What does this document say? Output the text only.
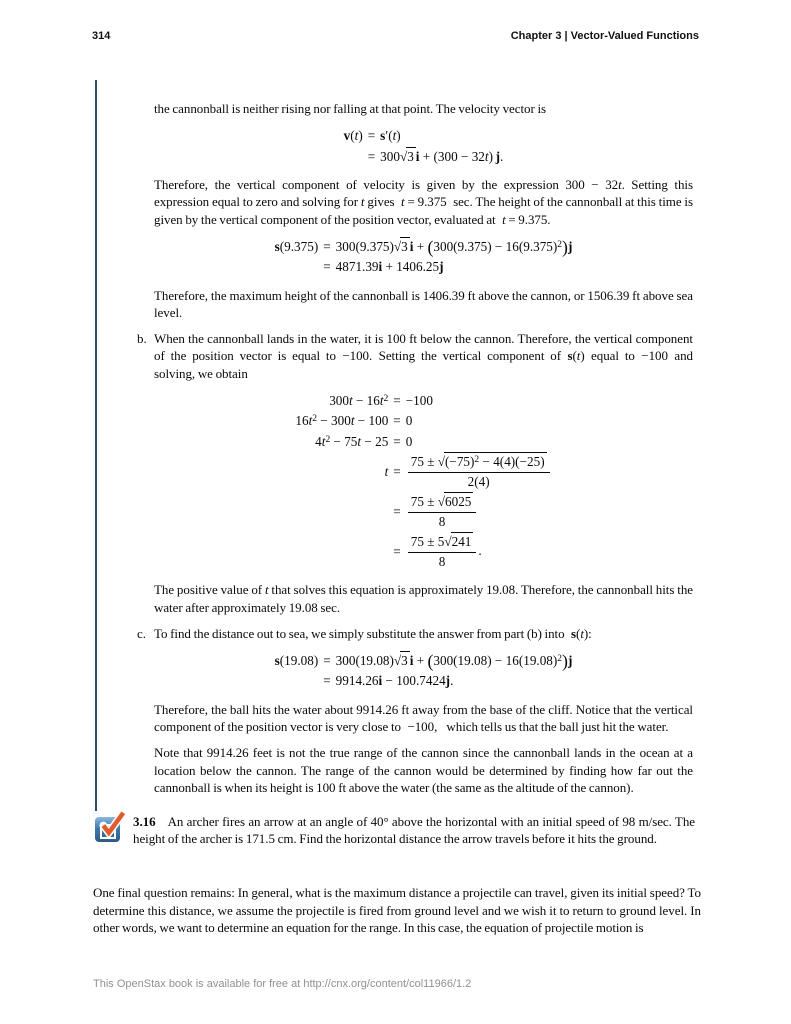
314	Chapter 3 | Vector-Valued Functions

the cannonball is neither rising nor falling at that point. The velocity vector is

v(t)	=	s′(t)
	=	300√3 i + (300 − 32t) j.

Therefore, the vertical component of velocity is given by the expression 300 − 32t. Setting this expression equal to zero and solving for t gives t = 9.375 sec. The height of the cannonball at this time is given by the vertical component of the position vector, evaluated at t = 9.375.

s(9.375)	=	300(9.375)√3 $i + (300(9.375) - 16(9.375)^2)j$
	=	4871.39i + 1406.25j

Therefore, the maximum height of the cannonball is 1406.39 ft above the cannon, or 1506.39 ft above sea level.

b. When the cannonball lands in the water, it is 100 ft below the cannon. Therefore, the vertical component of the position vector is equal to −100. Setting the vertical component of s(t) equal to −100 and solving, we obtain
$300t - 16t^2$	=	−100
$16t^2 - 300t - 100$	=	0
$4t^2 - 75t - 25$	=	0
t	=	$\frac{75 \pm √(-75)^2 - 4(4)(-25)}{2(4)}$

	=	$\frac{75 \pm √6025}{8}$

	=	$\frac{75 \pm 5√241}{8}$ .

The positive value of t that solves this equation is approximately 19.08. Therefore, the cannonball hits the water after approximately 19.08 sec.

c. To find the distance out to sea, we simply substitute the answer from part (b) into s(t):
s(19.08)	=	300(19.08)√3 $i + (300(19.08) - 16(19.08)^2)j$
	=	9914.26i − 100.7424j.

Therefore, the ball hits the water about 9914.26 ft away from the base of the cliff. Notice that the vertical component of the position vector is very close to −100,  which tells us that the ball just hit the water.

Note that 9914.26 feet is not the true range of the cannon since the cannonball lands in the ocean at a location below the cannon. The range of the cannon would be determined by finding how far out the cannonball is when its height is 100 ft above the water (the same as the altitude of the cannon).

3.16 An archer fires an arrow at an angle of 40° above the horizontal with an initial speed of 98 m/sec. The height of the archer is 171.5 cm. Find the horizontal distance the arrow travels before it hits the ground.

One final question remains: In general, what is the maximum distance a projectile can travel, given its initial speed? To determine this distance, we assume the projectile is fired from ground level and we wish it to return to ground level. In other words, we want to determine an equation for the range. In this case, the equation of projectile motion is

This OpenStax book is available for free at http://cnx.org/content/col11966/1.2
